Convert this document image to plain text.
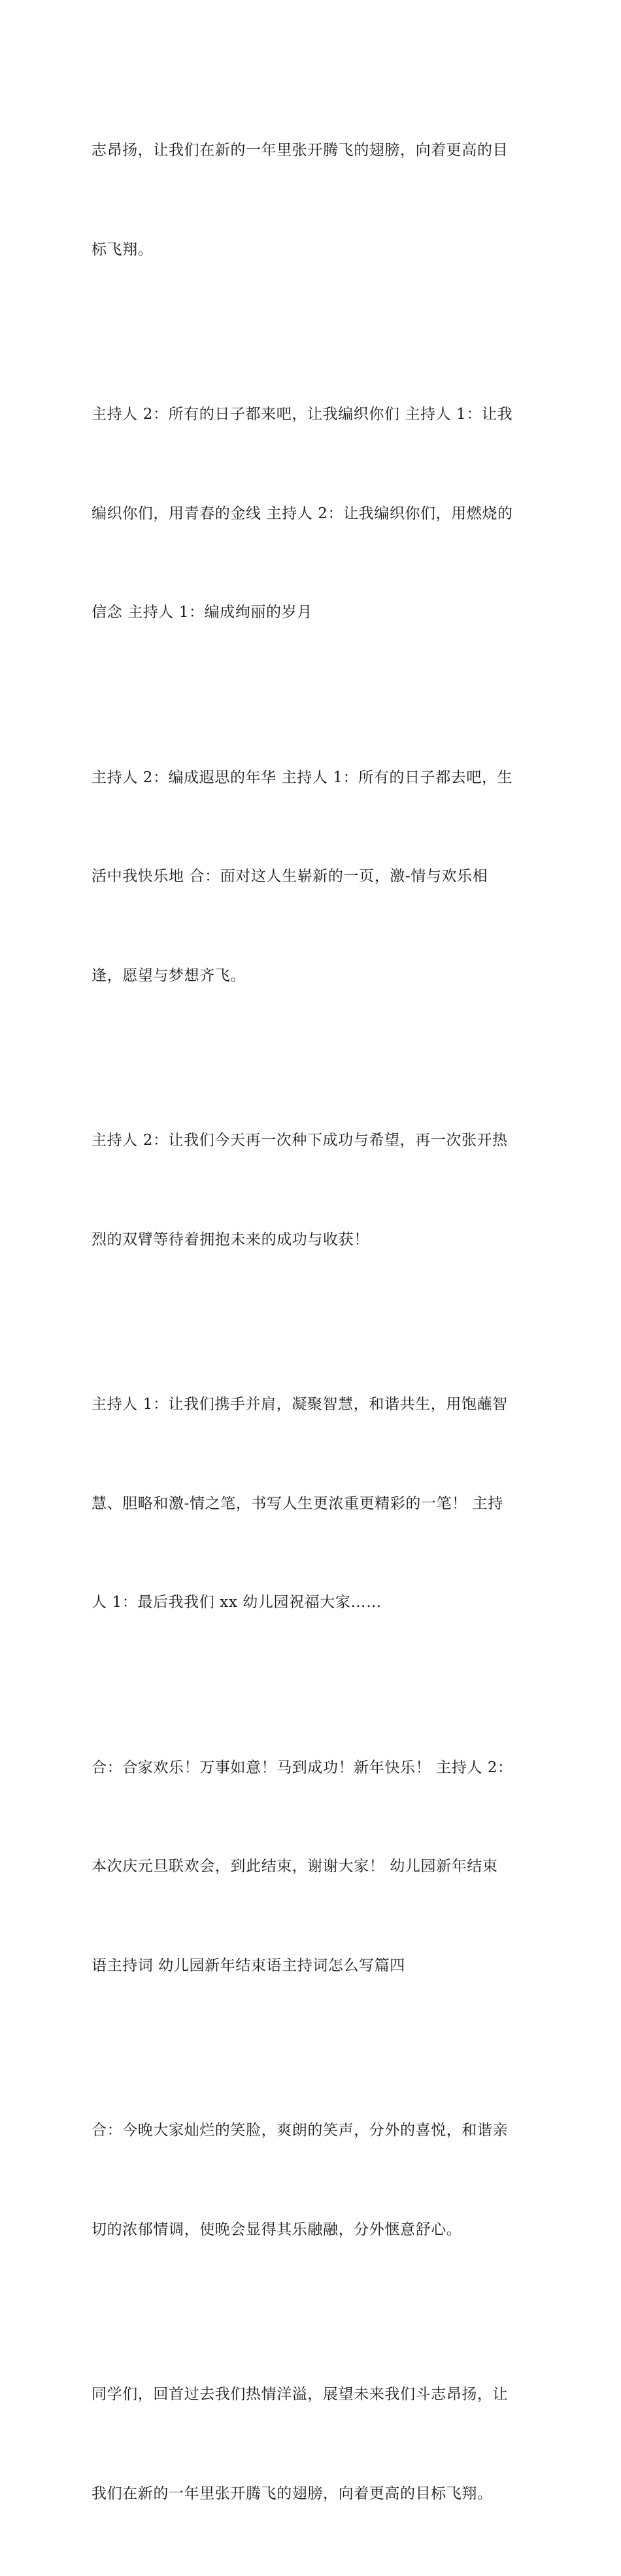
志昂扬，让我们在新的一年里张开腾飞的翅膀，向着更高的目

标飞翔。

主持人 2：所有的日子都来吧，让我编织你们 主持人 1：让我

编织你们，用青春的金线 主持人 2：让我编织你们，用燃烧的

信念 主持人 1：编成绚丽的岁月

主持人 2：编成遐思的年华 主持人 1：所有的日子都去吧，生

活中我快乐地 合：面对这人生崭新的一页，激-情与欢乐相

逢，愿望与梦想齐飞。

主持人 2：让我们今天再一次种下成功与希望，再一次张开热

烈的双臂等待着拥抱未来的成功与收获！

主持人 1：让我们携手并肩，凝聚智慧，和谐共生，用饱蘸智

慧、胆略和激-情之笔，书写人生更浓重更精彩的一笔！ 主持

人 1：最后我我们 xx 幼儿园祝福大家……

合：合家欢乐！万事如意！马到成功！新年快乐！ 主持人 2：

本次庆元旦联欢会，到此结束，谢谢大家！ 幼儿园新年结束

语主持词 幼儿园新年结束语主持词怎么写篇四

合：今晚大家灿烂的笑脸，爽朗的笑声，分外的喜悦，和谐亲

切的浓郁情调，使晚会显得其乐融融，分外惬意舒心。

同学们，回首过去我们热情洋溢，展望未来我们斗志昂扬，让

我们在新的一年里张开腾飞的翅膀，向着更高的目标飞翔。
